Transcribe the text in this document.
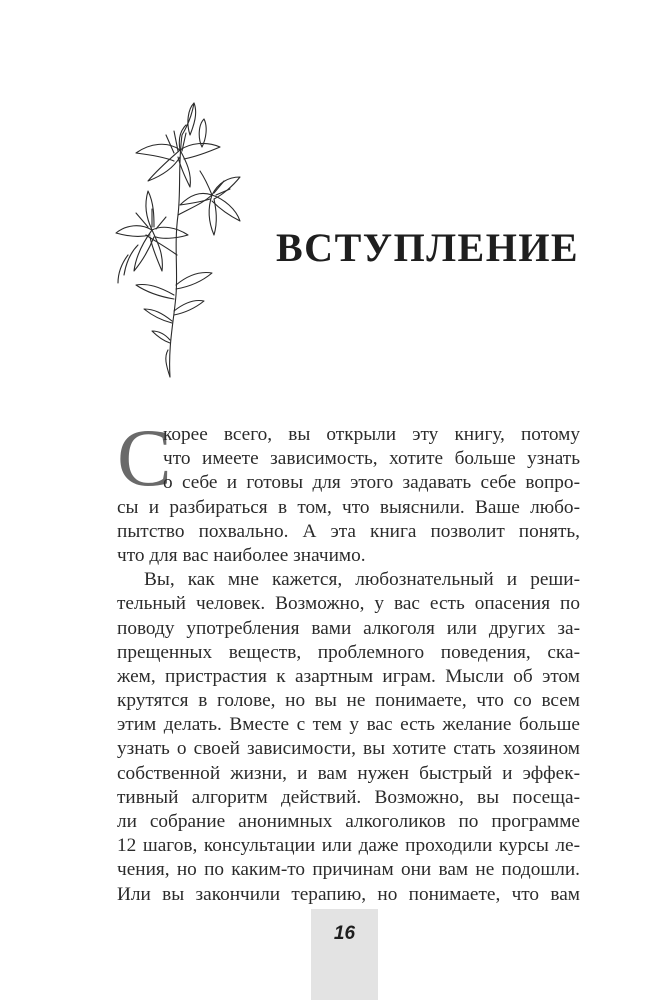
ВСТУПЛЕНИЕ
С
корее всего, вы открыли эту книгу, потому
что имеете зависимость, хотите больше узнать
о себе и готовы для этого задавать себе вопро-
сы и разбираться в том, что выяснили. Ваше любо-
пытство похвально. А эта книга позволит понять,
что для вас наиболее значимо.
Вы, как мне кажется, любознательный и реши-
тельный человек. Возможно, у вас есть опасения по
поводу употребления вами алкоголя или других за-
прещенных веществ, проблемного поведения, ска-
жем, пристрастия к азартным играм. Мысли об этом
крутятся в голове, но вы не понимаете, что со всем
этим делать. Вместе с тем у вас есть желание больше
узнать о своей зависимости, вы хотите стать хозяином
собственной жизни, и вам нужен быстрый и эффек-
тивный алгоритм действий. Возможно, вы посеща-
ли собрание анонимных алкоголиков по программе
12 шагов, консультации или даже проходили курсы ле-
чения, но по каким-то причинам они вам не подошли.
Или вы закончили терапию, но понимаете, что вам
16
